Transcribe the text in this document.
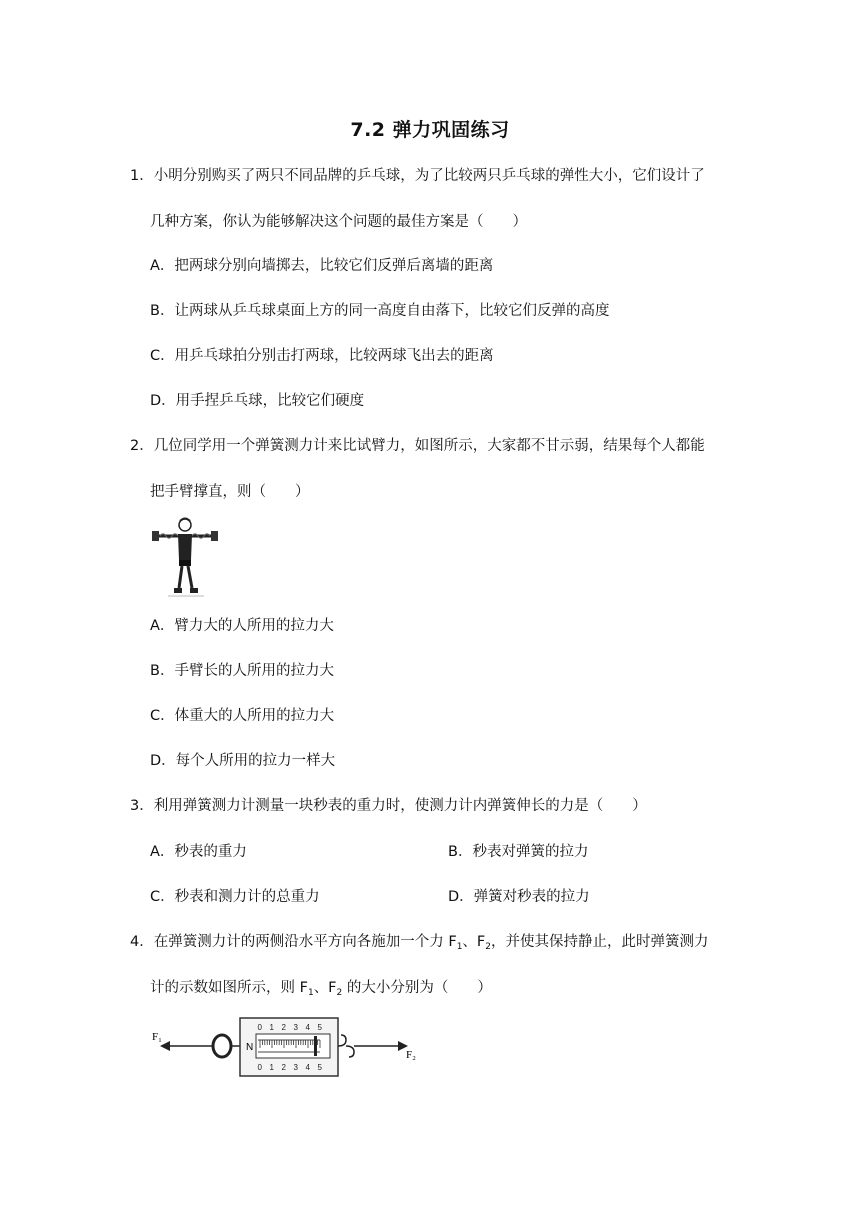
7.2 弹力巩固练习
1．小明分别购买了两只不同品牌的乒乓球，为了比较两只乒乓球的弹性大小，它们设计了
几种方案，你认为能够解决这个问题的最佳方案是（　　）
A．把两球分别向墙掷去，比较它们反弹后离墙的距离
B．让两球从乒乓球桌面上方的同一高度自由落下，比较它们反弹的高度
C．用乒乓球拍分别击打两球，比较两球飞出去的距离
D．用手捏乒乓球，比较它们硬度
2．几位同学用一个弹簧测力计来比试臂力，如图所示，大家都不甘示弱，结果每个人都能
把手臂撑直，则（　　）
A．臂力大的人所用的拉力大
B．手臂长的人所用的拉力大
C．体重大的人所用的拉力大
D．每个人所用的拉力一样大
3．利用弹簧测力计测量一块秒表的重力时，使测力计内弹簧伸长的力是（　　）
A．秒表的重力	B．秒表对弹簧的拉力
C．秒表和测力计的总重力	D．弹簧对秒表的拉力
4．在弹簧测力计的两侧沿水平方向各施加一个力 $F_1$、$F_2$，并使其保持静止，此时弹簧测力
计的示数如图所示，则 $F_1$、$F_2$ 的大小分别为（　　）
F₁
N
0 1 2 3 4 5
0 1 2 3 4 5
F₂
